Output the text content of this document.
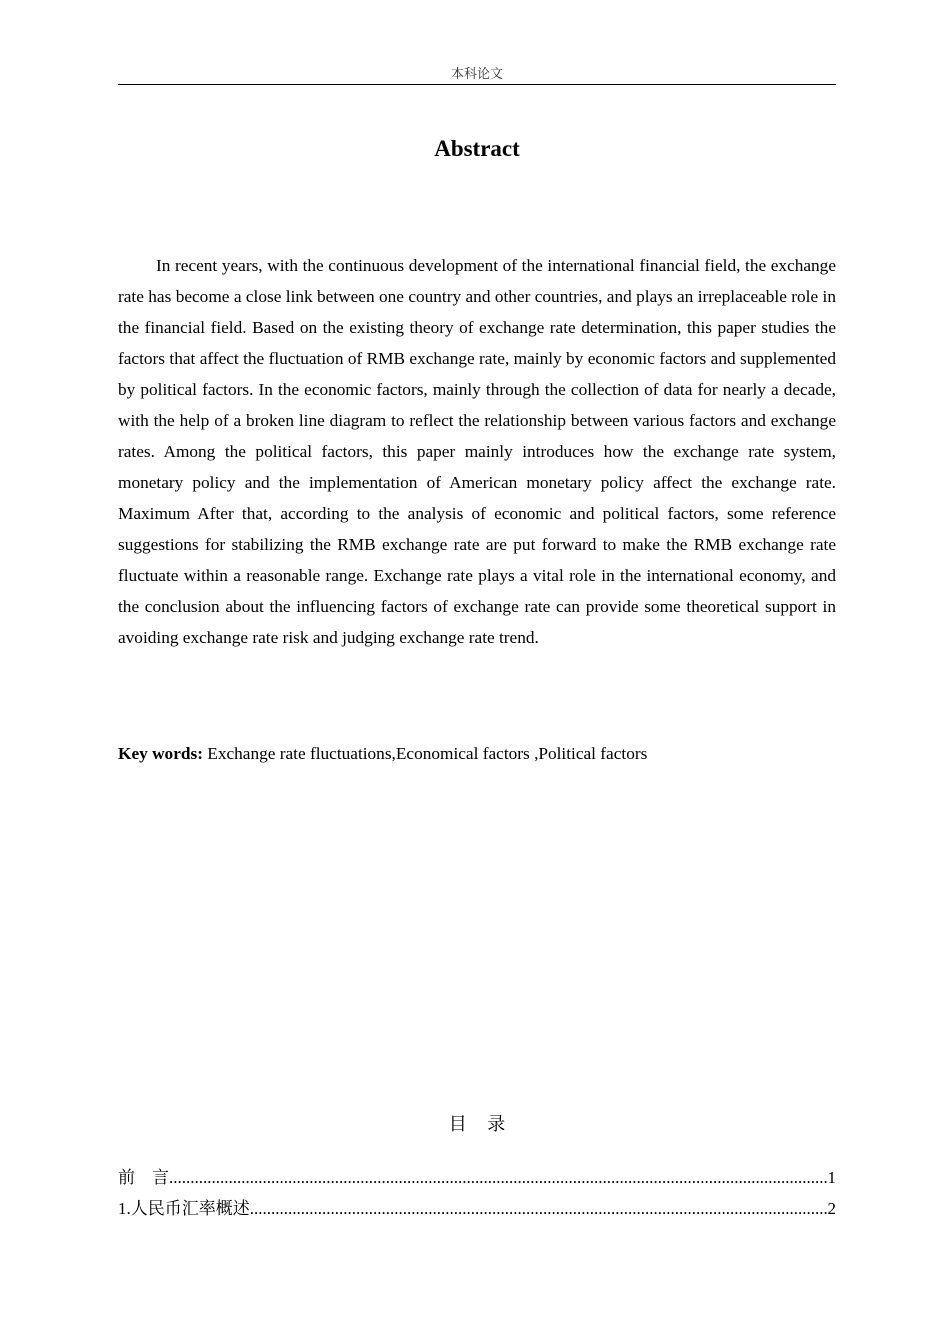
本科论文
Abstract

In recent years, with the continuous development of the international financial field, the exchange rate has become a close link between one country and other countries, and plays an irreplaceable role in the financial field. Based on the existing theory of exchange rate determination, this paper studies the factors that affect the fluctuation of RMB exchange rate, mainly by economic factors and supplemented by political factors. In the economic factors, mainly through the collection of data for nearly a decade, with the help of a broken line diagram to reflect the relationship between various factors and exchange rates. Among the political factors, this paper mainly introduces how the exchange rate system, monetary policy and the implementation of American monetary policy affect the exchange rate. Maximum After that, according to the analysis of economic and political factors, some reference suggestions for stabilizing the RMB exchange rate are put forward to make the RMB exchange rate fluctuate within a reasonable range. Exchange rate plays a vital role in the international economy, and the conclusion about the influencing factors of exchange rate can provide some theoretical support in avoiding exchange rate risk and judging exchange rate trend.

Key words: Exchange rate fluctuations,Economical factors ,Political factors

目 录
前　言 .....	1
1.人民币汇率概述 .....	2
